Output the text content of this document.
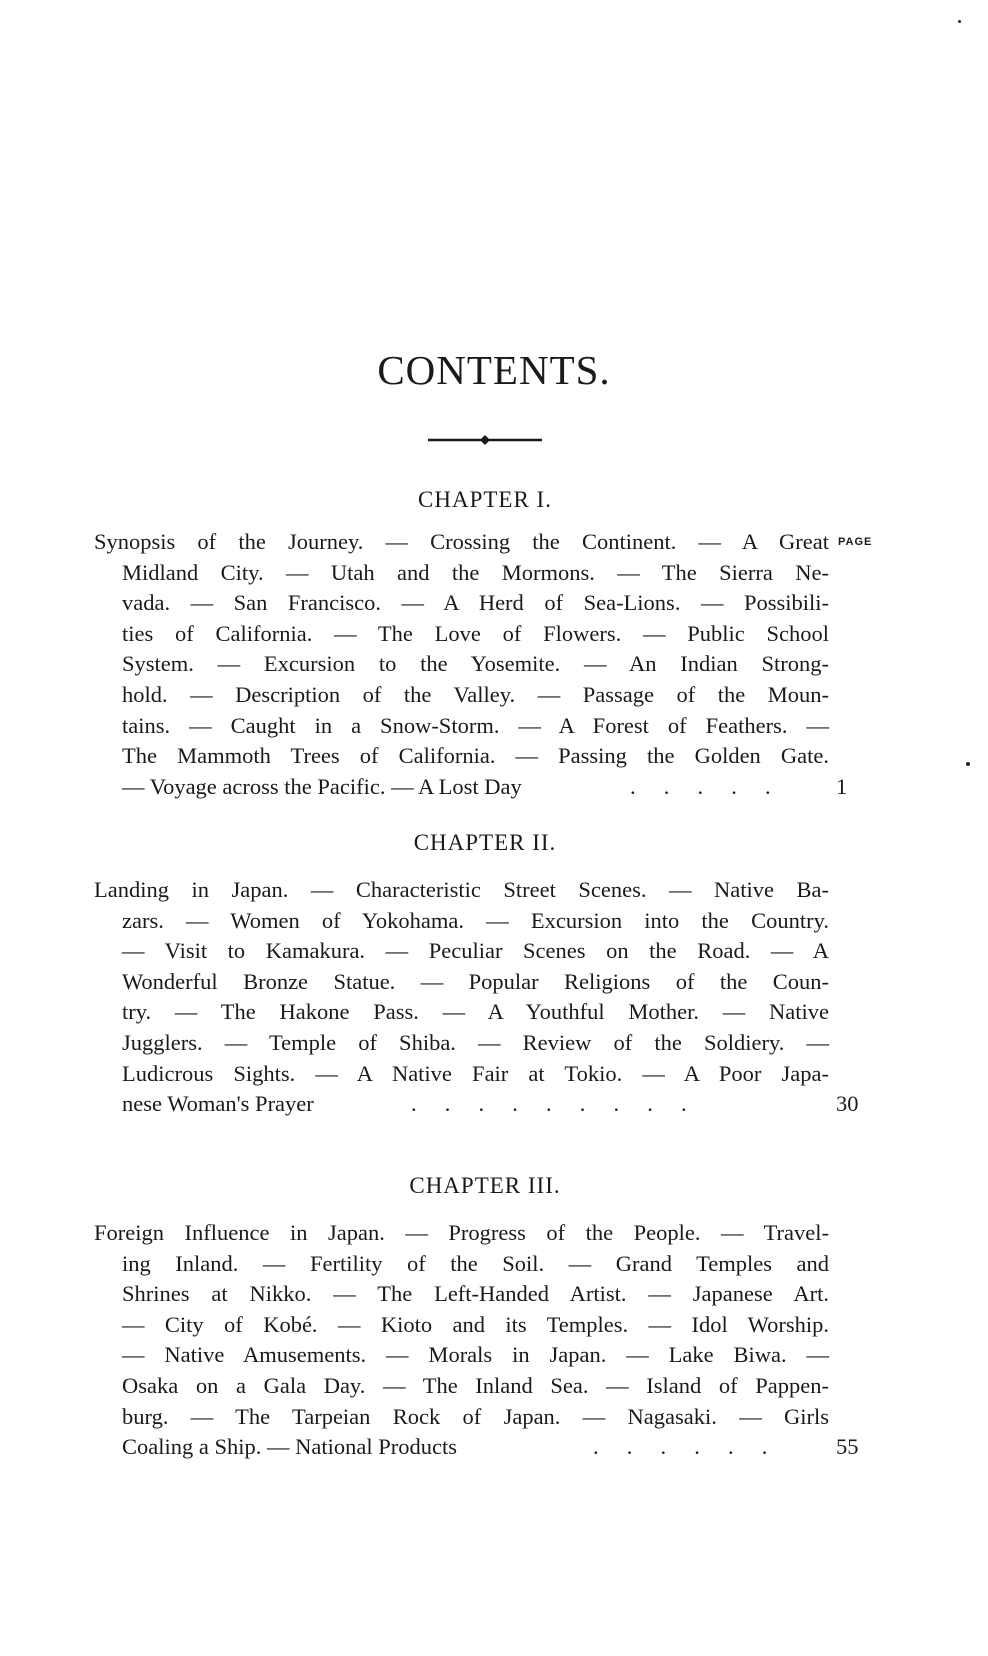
CONTENTS.
CHAPTER I.
PAGE
Synopsis of the Journey. — Crossing the Continent. — A Great
Midland City. — Utah and the Mormons. — The Sierra Ne-
vada. — San Francisco. — A Herd of Sea-Lions. — Possibili-
ties of California. — The Love of Flowers. — Public School
System. — Excursion to the Yosemite. — An Indian Strong-
hold. — Description of the Valley. — Passage of the Moun-
tains. — Caught in a Snow-Storm. — A Forest of Feathers. —
The Mammoth Trees of California. — Passing the Golden Gate.
— Voyage across the Pacific. — A Lost Day	.     .     .     .     .	1
CHAPTER II.
Landing in Japan. — Characteristic Street Scenes. — Native Ba-
zars. — Women of Yokohama. — Excursion into the Country.
— Visit to Kamakura. — Peculiar Scenes on the Road. — A
Wonderful Bronze Statue. — Popular Religions of the Coun-
try. — The Hakone Pass. — A Youthful Mother. — Native
Jugglers. — Temple of Shiba. — Review of the Soldiery. —
Ludicrous Sights. — A Native Fair at Tokio. — A Poor Japa-
nese Woman's Prayer	.     .     .     .     .     .     .     .     .	30
CHAPTER III.
Foreign Influence in Japan. — Progress of the People. — Travel-
ing Inland. — Fertility of the Soil. — Grand Temples and
Shrines at Nikko. — The Left-Handed Artist. — Japanese Art.
— City of Kobé. — Kioto and its Temples. — Idol Worship.
— Native Amusements. — Morals in Japan. — Lake Biwa. —
Osaka on a Gala Day. — The Inland Sea. — Island of Pappen-
burg. — The Tarpeian Rock of Japan. — Nagasaki. — Girls
Coaling a Ship. — National Products	.     .     .     .     .     .	55
